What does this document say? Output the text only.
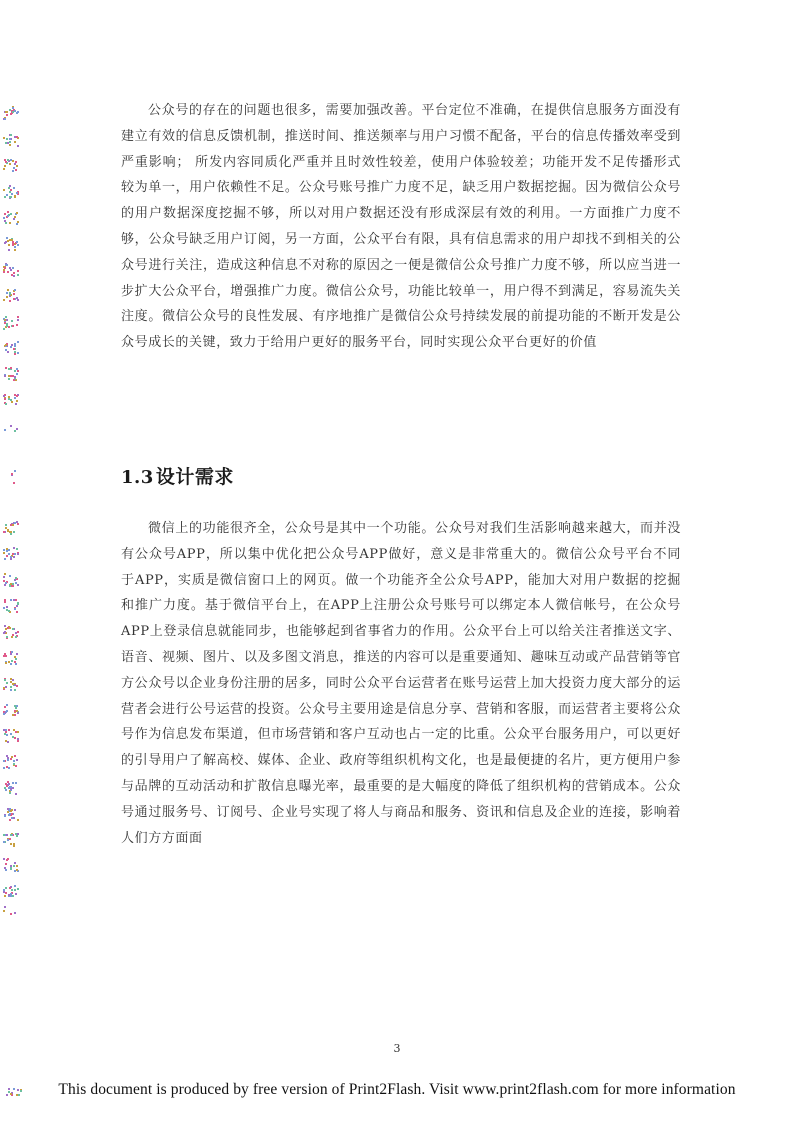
公众号的存在的问题也很多，需要加强改善。平台定位不准确，在提供信息服务方面没有建立有效的信息反馈机制，推送时间、推送频率与用户习惯不配备，平台的信息传播效率受到严重影响； 所发内容同质化严重并且时效性较差，使用户体验较差；功能开发不足传播形式较为单一，用户依赖性不足。公众号账号推广力度不足，缺乏用户数据挖掘。因为微信公众号的用户数据深度挖掘不够，所以对用户数据还没有形成深层有效的利用。一方面推广力度不够，公众号缺乏用户订阅，另一方面，公众平台有限，具有信息需求的用户却找不到相关的公众号进行关注，造成这种信息不对称的原因之一便是微信公众号推广力度不够，所以应当进一步扩大公众平台，增强推广力度。微信公众号，功能比较单一，用户得不到满足，容易流失关注度。微信公众号的良性发展、有序地推广是微信公众号持续发展的前提功能的不断开发是公众号成长的关键，致力于给用户更好的服务平台，同时实现公众平台更好的价值

1.3 设计需求

微信上的功能很齐全，公众号是其中一个功能。公众号对我们生活影响越来越大，而并没有公众号APP，所以集中优化把公众号APP做好，意义是非常重大的。微信公众号平台不同于APP，实质是微信窗口上的网页。做一个功能齐全公众号APP，能加大对用户数据的挖掘和推广力度。基于微信平台上，在APP上注册公众号账号可以绑定本人微信帐号，在公众号APP上登录信息就能同步，也能够起到省事省力的作用。公众平台上可以给关注者推送文字、语音、视频、图片、以及多图文消息，推送的内容可以是重要通知、趣味互动或产品营销等官方公众号以企业身份注册的居多，同时公众平台运营者在账号运营上加大投资力度大部分的运营者会进行公号运营的投资。公众号主要用途是信息分享、营销和客服，而运营者主要将公众号作为信息发布渠道，但市场营销和客户互动也占一定的比重。公众平台服务用户，可以更好的引导用户了解高校、媒体、企业、政府等组织机构文化，也是最便捷的名片，更方便用户参与品牌的互动活动和扩散信息曝光率，最重要的是大幅度的降低了组织机构的营销成本。公众号通过服务号、订阅号、企业号实现了将人与商品和服务、资讯和信息及企业的连接，影响着人们方方面面

3
This document is produced by free version of Print2Flash. Visit www.print2flash.com for more information
